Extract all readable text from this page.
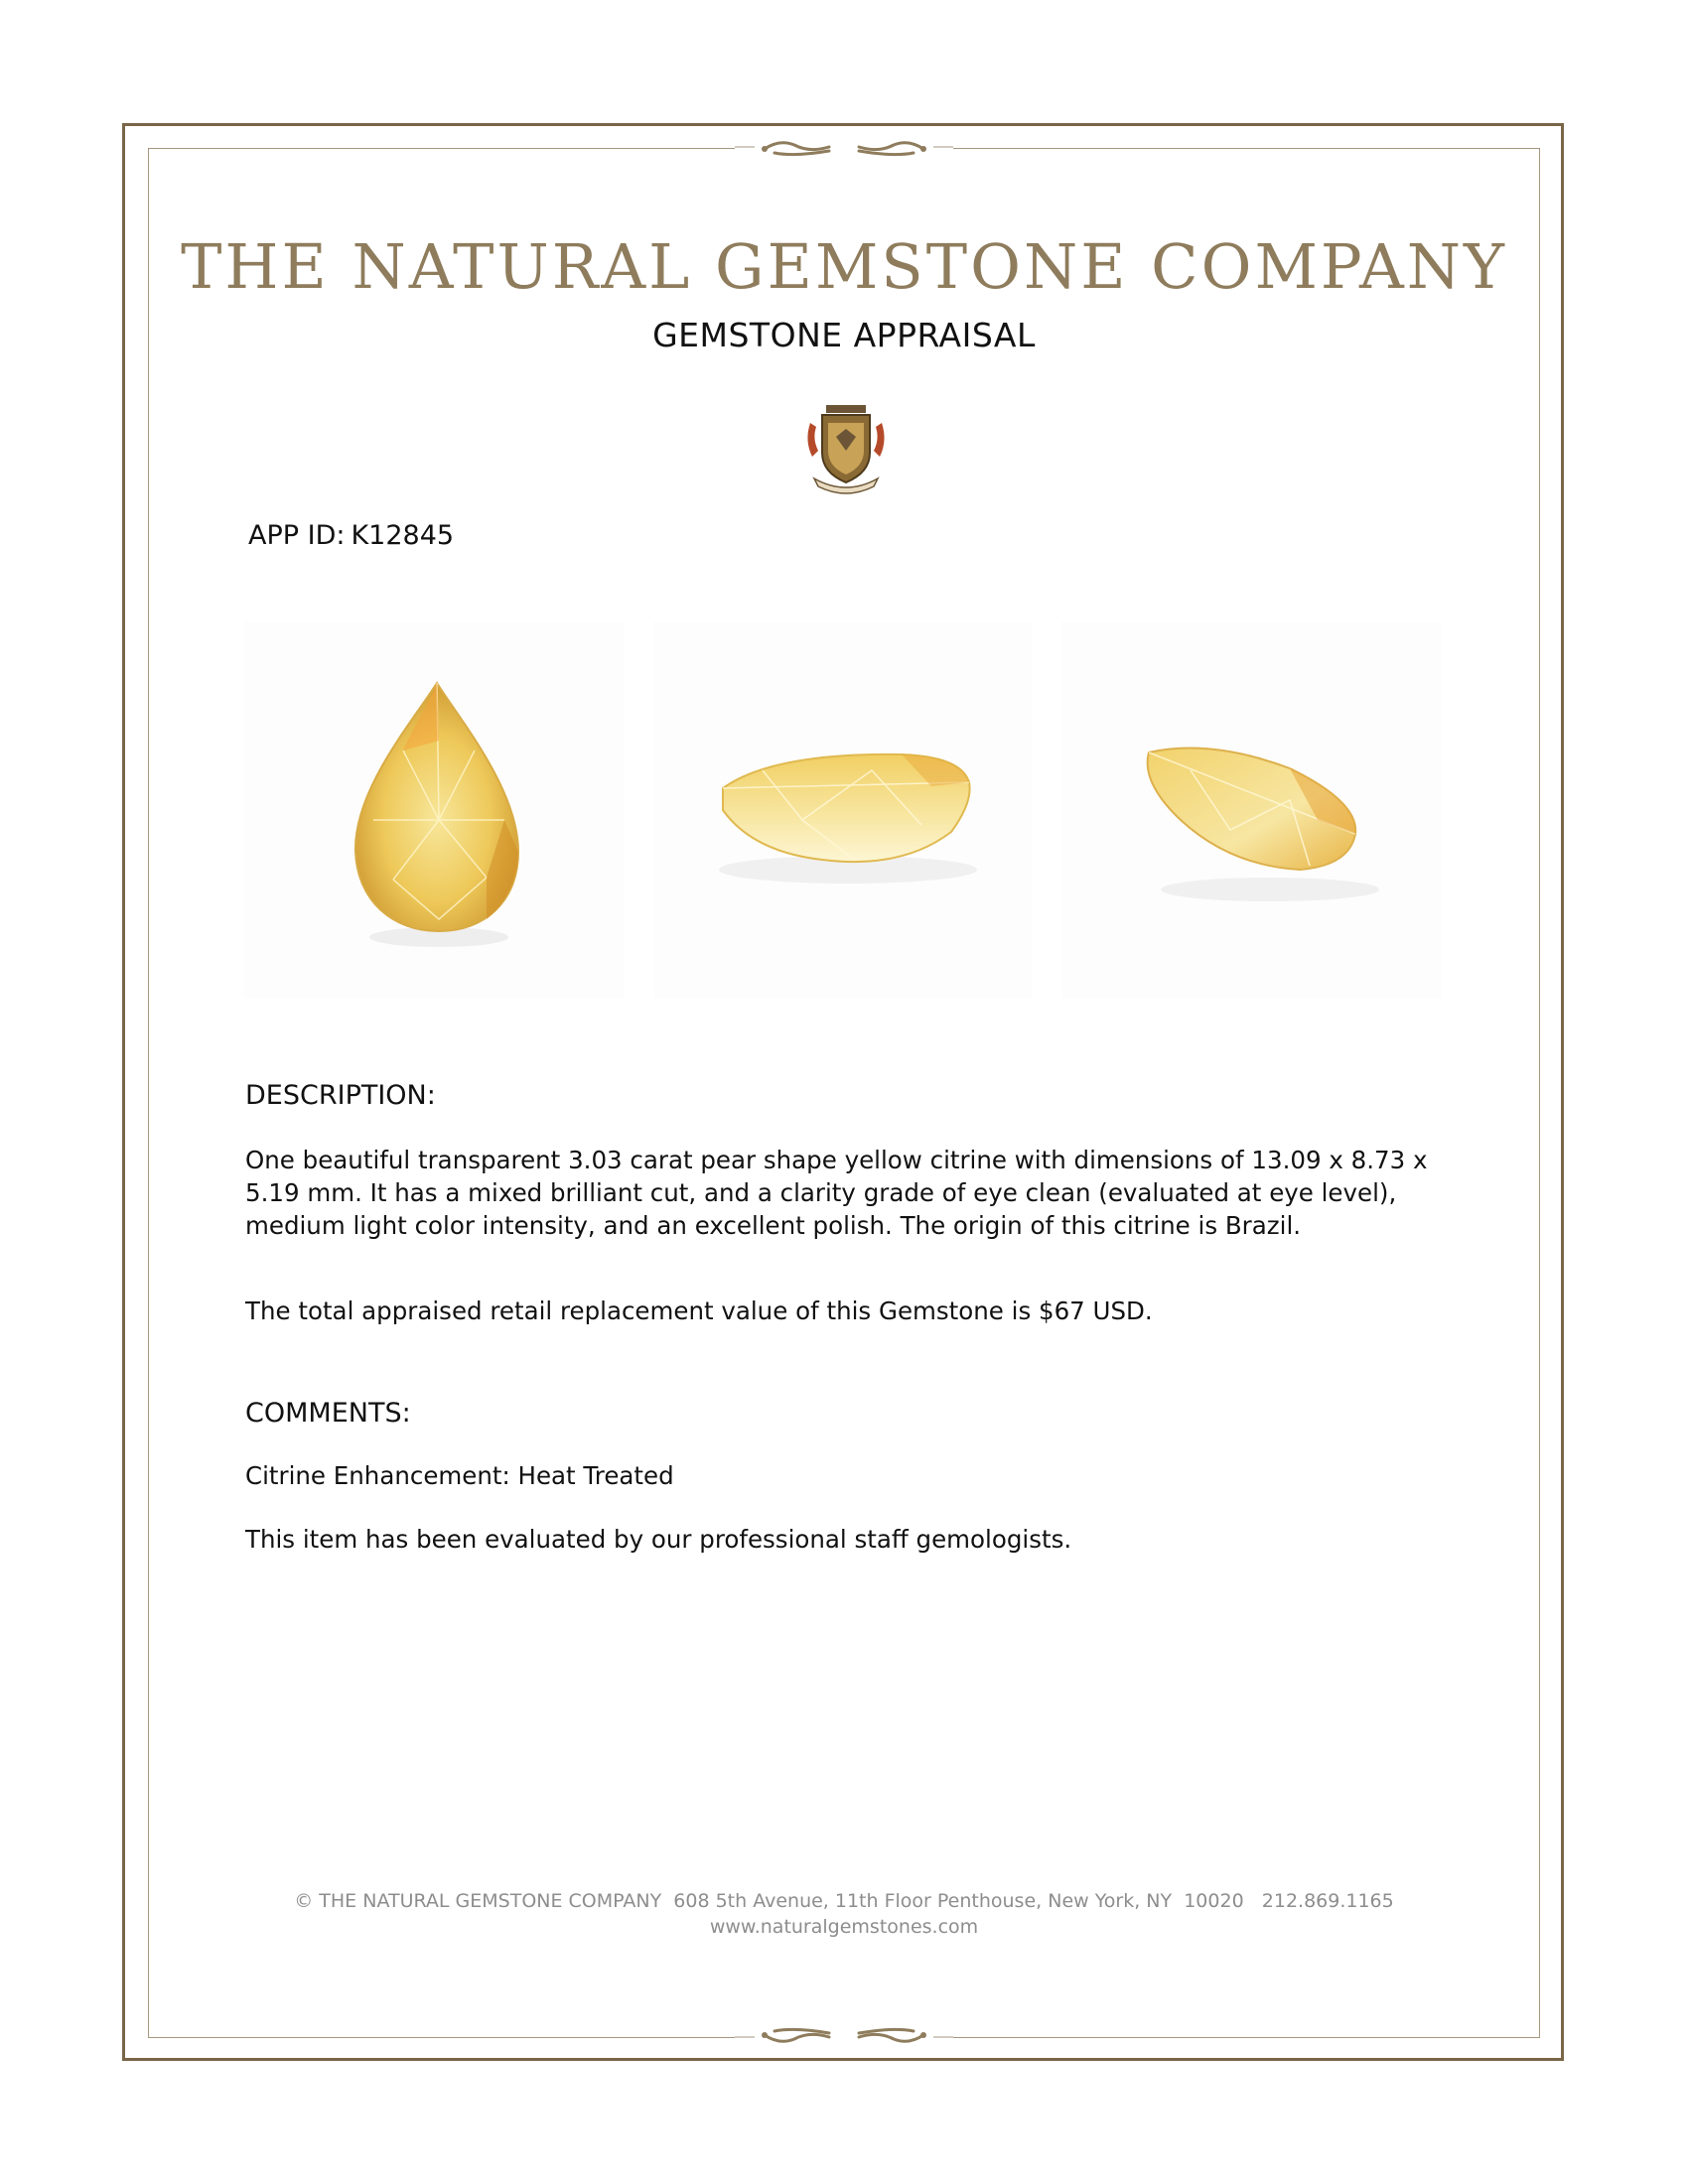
THE NATURAL GEMSTONE COMPANY
GEMSTONE APPRAISAL
APP ID: K12845
DESCRIPTION:
One beautiful transparent 3.03 carat pear shape yellow citrine with dimensions of 13.09 x 8.73 x 5.19 mm. It has a mixed brilliant cut, and a clarity grade of eye clean (evaluated at eye level), medium light color intensity, and an excellent polish. The origin of this citrine is Brazil.
The total appraised retail replacement value of this Gemstone is $67 USD.
COMMENTS:
Citrine Enhancement: Heat Treated
This item has been evaluated by our professional staff gemologists.
© THE NATURAL GEMSTONE COMPANY  608 5th Avenue, 11th Floor Penthouse, New York, NY  10020   212.869.1165
www.naturalgemstones.com
